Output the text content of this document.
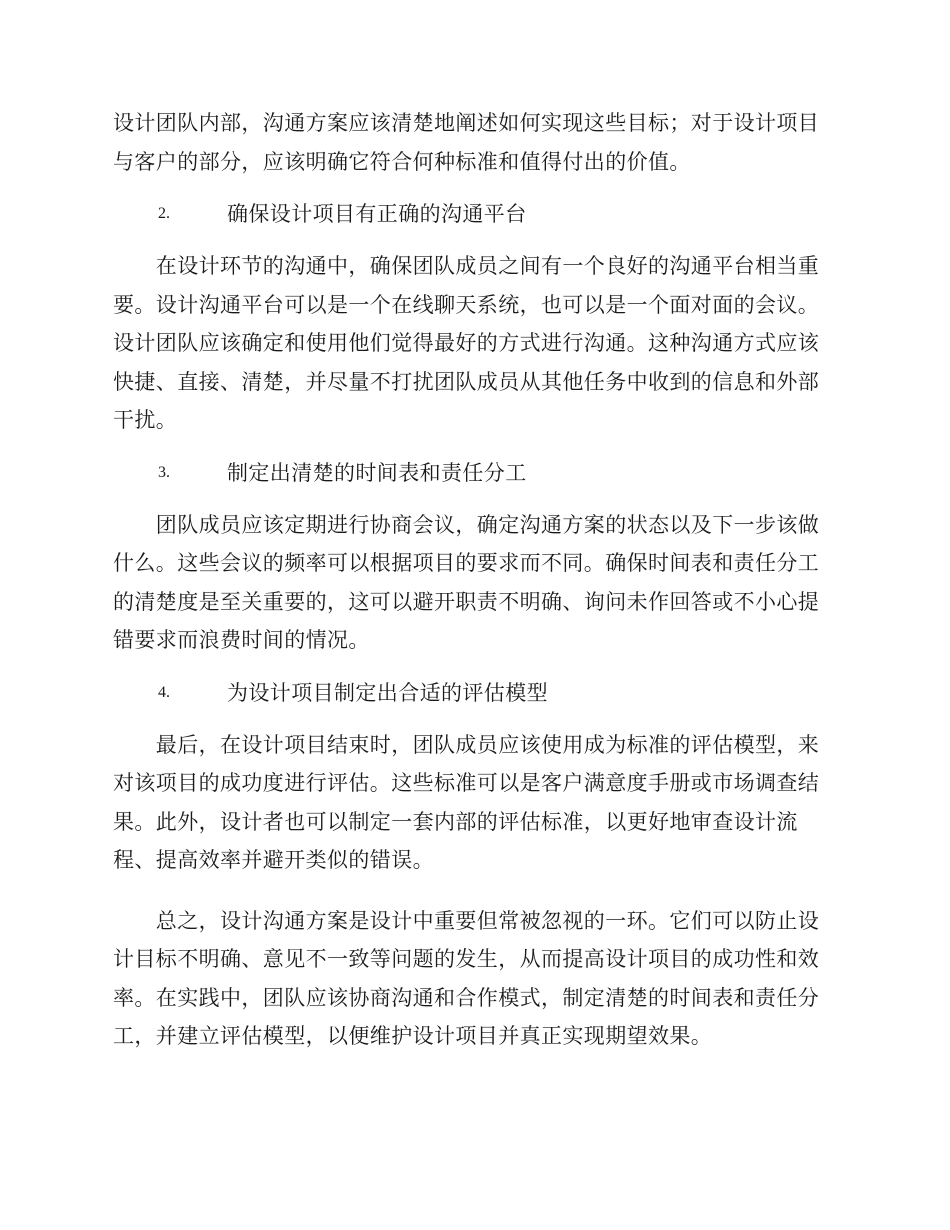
设计团队内部，沟通方案应该清楚地阐述如何实现这些目标；对于设计项目
与客户的部分，应该明确它符合何种标准和值得付出的价值。
2.	确保设计项目有正确的沟通平台
　　在设计环节的沟通中，确保团队成员之间有一个良好的沟通平台相当重
要。设计沟通平台可以是一个在线聊天系统，也可以是一个面对面的会议。
设计团队应该确定和使用他们觉得最好的方式进行沟通。这种沟通方式应该
快捷、直接、清楚，并尽量不打扰团队成员从其他任务中收到的信息和外部
干扰。
3.	制定出清楚的时间表和责任分工
　　团队成员应该定期进行协商会议，确定沟通方案的状态以及下一步该做
什么。这些会议的频率可以根据项目的要求而不同。确保时间表和责任分工
的清楚度是至关重要的，这可以避开职责不明确、询问未作回答或不小心提
错要求而浪费时间的情况。
4.	为设计项目制定出合适的评估模型
　　最后，在设计项目结束时，团队成员应该使用成为标准的评估模型，来
对该项目的成功度进行评估。这些标准可以是客户满意度手册或市场调查结
果。此外，设计者也可以制定一套内部的评估标准，以更好地审查设计流
程、提高效率并避开类似的错误。
　　总之，设计沟通方案是设计中重要但常被忽视的一环。它们可以防止设
计目标不明确、意见不一致等问题的发生，从而提高设计项目的成功性和效
率。在实践中，团队应该协商沟通和合作模式，制定清楚的时间表和责任分
工，并建立评估模型，以便维护设计项目并真正实现期望效果。
